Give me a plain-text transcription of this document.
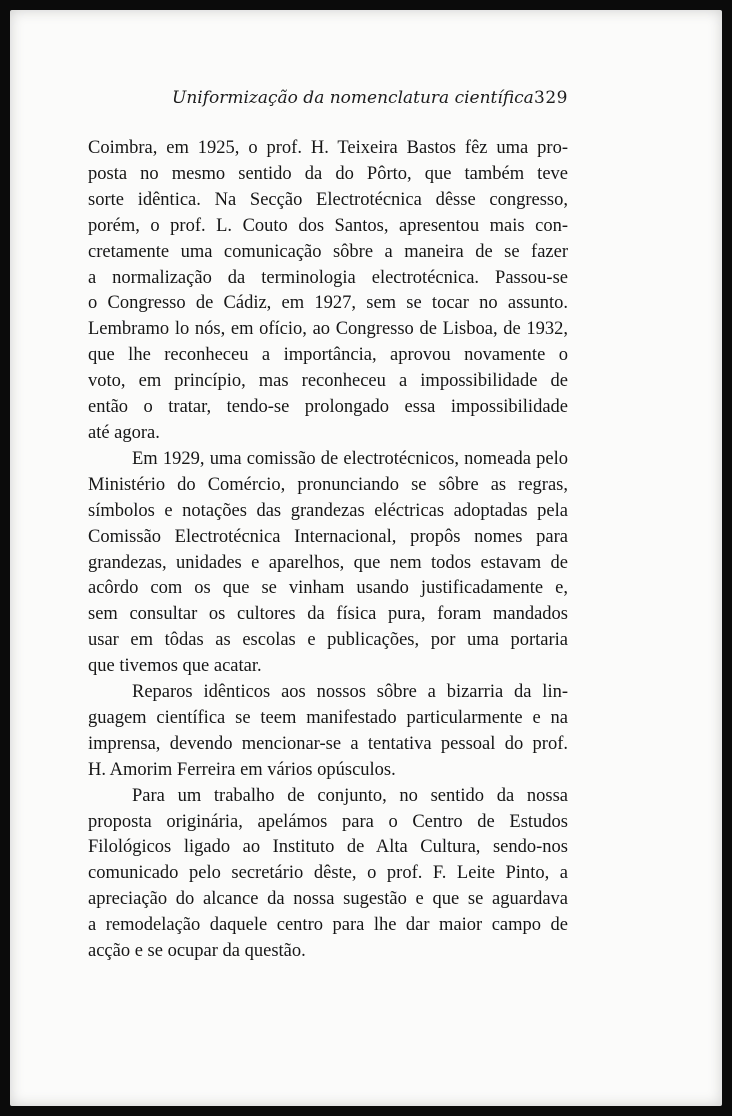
Uniformização da nomenclatura científica 329
Coimbra, em 1925, o prof. H. Teixeira Bastos fêz uma pro-
posta no mesmo sentido da do Pôrto, que também teve
sorte idêntica. Na Secção Electrotécnica dêsse congresso,
porém, o prof. L. Couto dos Santos, apresentou mais con-
cretamente uma comunicação sôbre a maneira de se fazer
a normalização da terminologia electrotécnica. Passou-se
o Congresso de Cádiz, em 1927, sem se tocar no assunto.
Lembramo lo nós, em ofício, ao Congresso de Lisboa, de 1932,
que lhe reconheceu a importância, aprovou novamente o
voto, em princípio, mas reconheceu a impossibilidade de
então o tratar, tendo-se prolongado essa impossibilidade
até agora.
Em 1929, uma comissão de electrotécnicos, nomeada pelo
Ministério do Comércio, pronunciando se sôbre as regras,
símbolos e notações das grandezas eléctricas adoptadas pela
Comissão Electrotécnica Internacional, propôs nomes para
grandezas, unidades e aparelhos, que nem todos estavam de
acôrdo com os que se vinham usando justificadamente e,
sem consultar os cultores da física pura, foram mandados
usar em tôdas as escolas e publicações, por uma portaria
que tivemos que acatar.
Reparos idênticos aos nossos sôbre a bizarria da lin-
guagem científica se teem manifestado particularmente e na
imprensa, devendo mencionar-se a tentativa pessoal do prof.
H. Amorim Ferreira em vários opúsculos.
Para um trabalho de conjunto, no sentido da nossa
proposta originária, apelámos para o Centro de Estudos
Filológicos ligado ao Instituto de Alta Cultura, sendo-nos
comunicado pelo secretário dêste, o prof. F. Leite Pinto, a
apreciação do alcance da nossa sugestão e que se aguardava
a remodelação daquele centro para lhe dar maior campo de
acção e se ocupar da questão.
